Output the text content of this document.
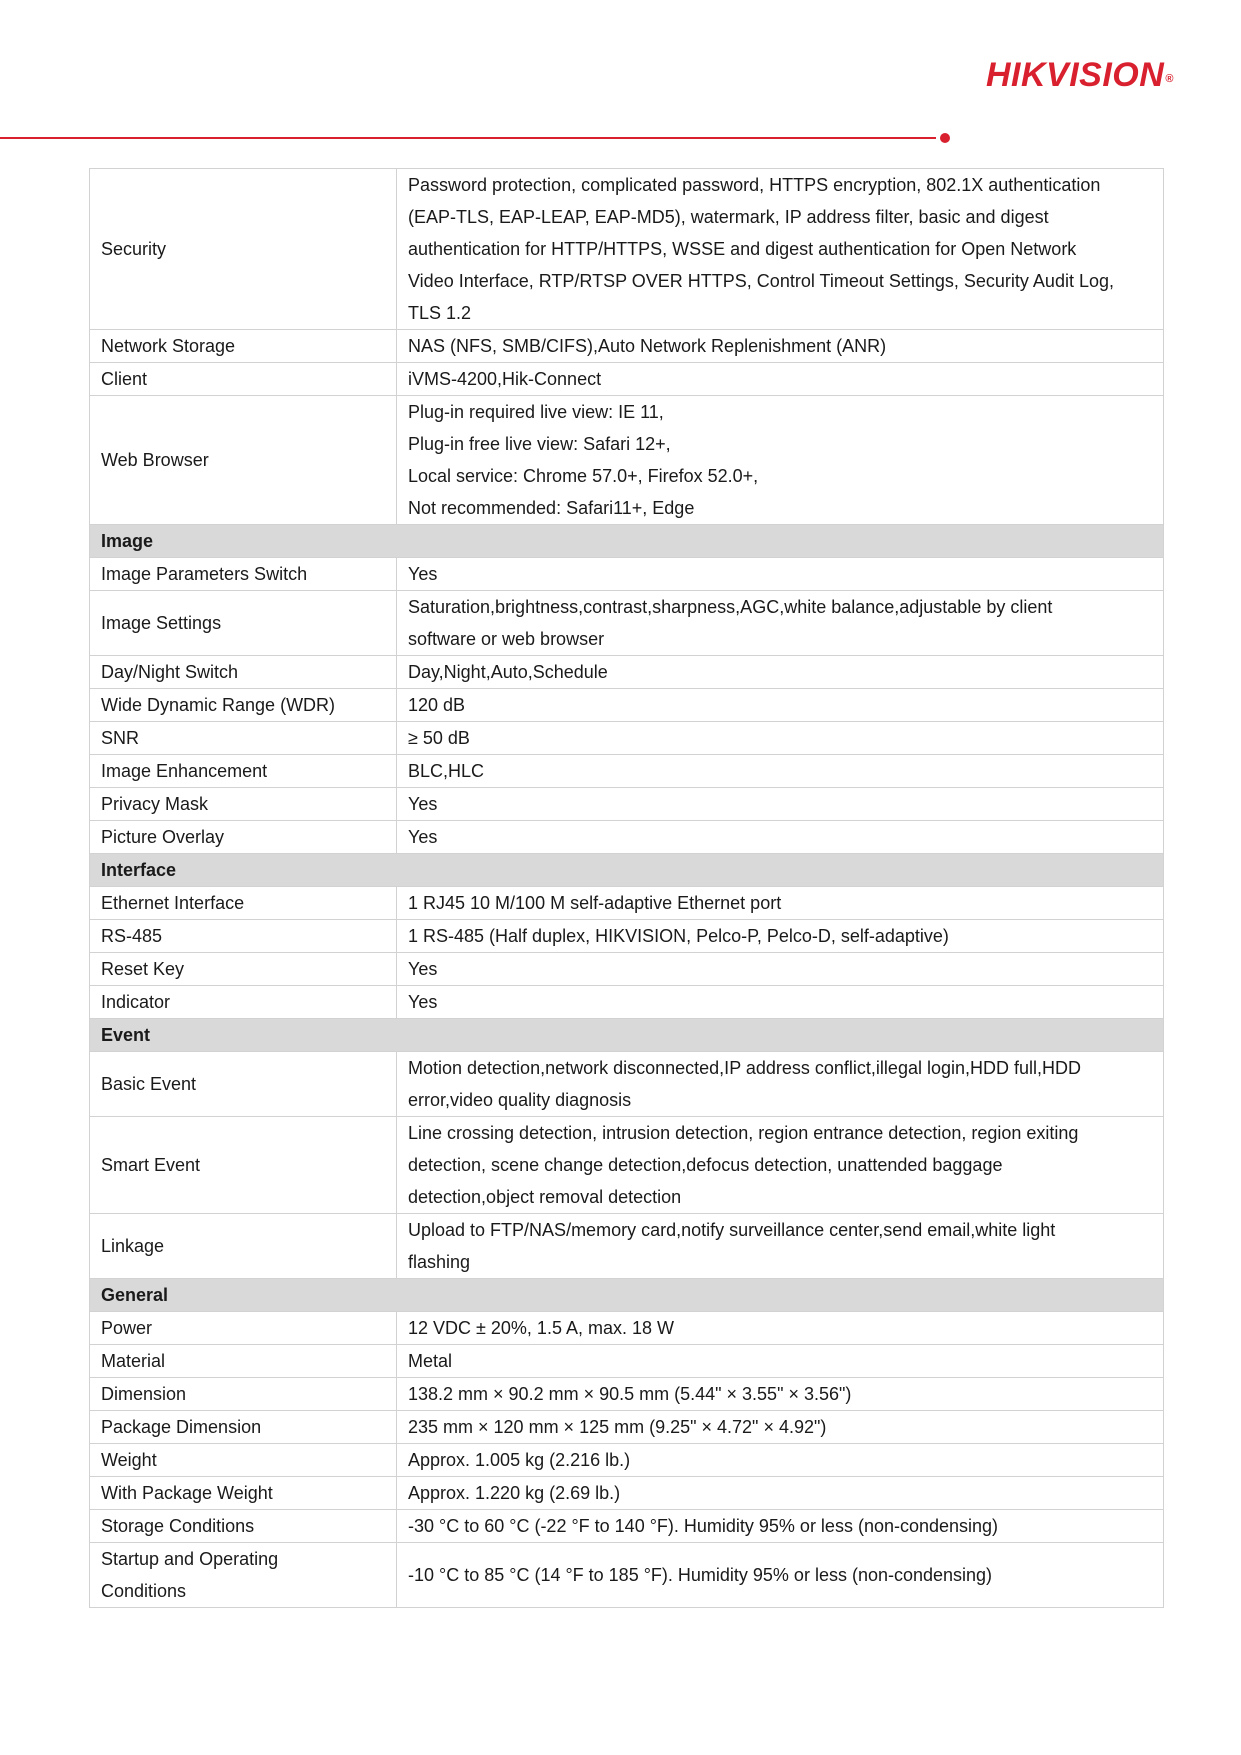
HIKVISION®
Security	Password protection, complicated password, HTTPS encryption, 802.1X authentication
(EAP-TLS, EAP-LEAP, EAP-MD5), watermark, IP address filter, basic and digest
authentication for HTTP/HTTPS, WSSE and digest authentication for Open Network
Video Interface, RTP/RTSP OVER HTTPS, Control Timeout Settings, Security Audit Log,
TLS 1.2
Network Storage	NAS (NFS, SMB/CIFS),Auto Network Replenishment (ANR)
Client	iVMS-4200,Hik-Connect
Web Browser	Plug-in required live view: IE 11,
Plug-in free live view: Safari 12+,
Local service: Chrome 57.0+, Firefox 52.0+,
Not recommended: Safari11+, Edge
Image	
Image Parameters Switch	Yes
Image Settings	Saturation,brightness,contrast,sharpness,AGC,white balance,adjustable by client
software or web browser
Day/Night Switch	Day,Night,Auto,Schedule
Wide Dynamic Range (WDR)	120 dB
SNR	≥ 50 dB
Image Enhancement	BLC,HLC
Privacy Mask	Yes
Picture Overlay	Yes
Interface	
Ethernet Interface	1 RJ45 10 M/100 M self-adaptive Ethernet port
RS-485	1 RS-485 (Half duplex, HIKVISION, Pelco-P, Pelco-D, self-adaptive)
Reset Key	Yes
Indicator	Yes
Event	
Basic Event	Motion detection,network disconnected,IP address conflict,illegal login,HDD full,HDD
error,video quality diagnosis
Smart Event	Line crossing detection, intrusion detection, region entrance detection, region exiting
detection, scene change detection,defocus detection, unattended baggage
detection,object removal detection
Linkage	Upload to FTP/NAS/memory card,notify surveillance center,send email,white light
flashing
General	
Power	12 VDC ± 20%, 1.5 A, max. 18 W
Material	Metal
Dimension	138.2 mm × 90.2 mm × 90.5 mm (5.44" × 3.55" × 3.56")
Package Dimension	235 mm × 120 mm × 125 mm (9.25" × 4.72" × 4.92")
Weight	Approx. 1.005 kg (2.216 lb.)
With Package Weight	Approx. 1.220 kg (2.69 lb.)
Storage Conditions	-30 °C to 60 °C (-22 °F to 140 °F). Humidity 95% or less (non-condensing)
Startup and Operating
Conditions	-10 °C to 85 °C (14 °F to 185 °F). Humidity 95% or less (non-condensing)
